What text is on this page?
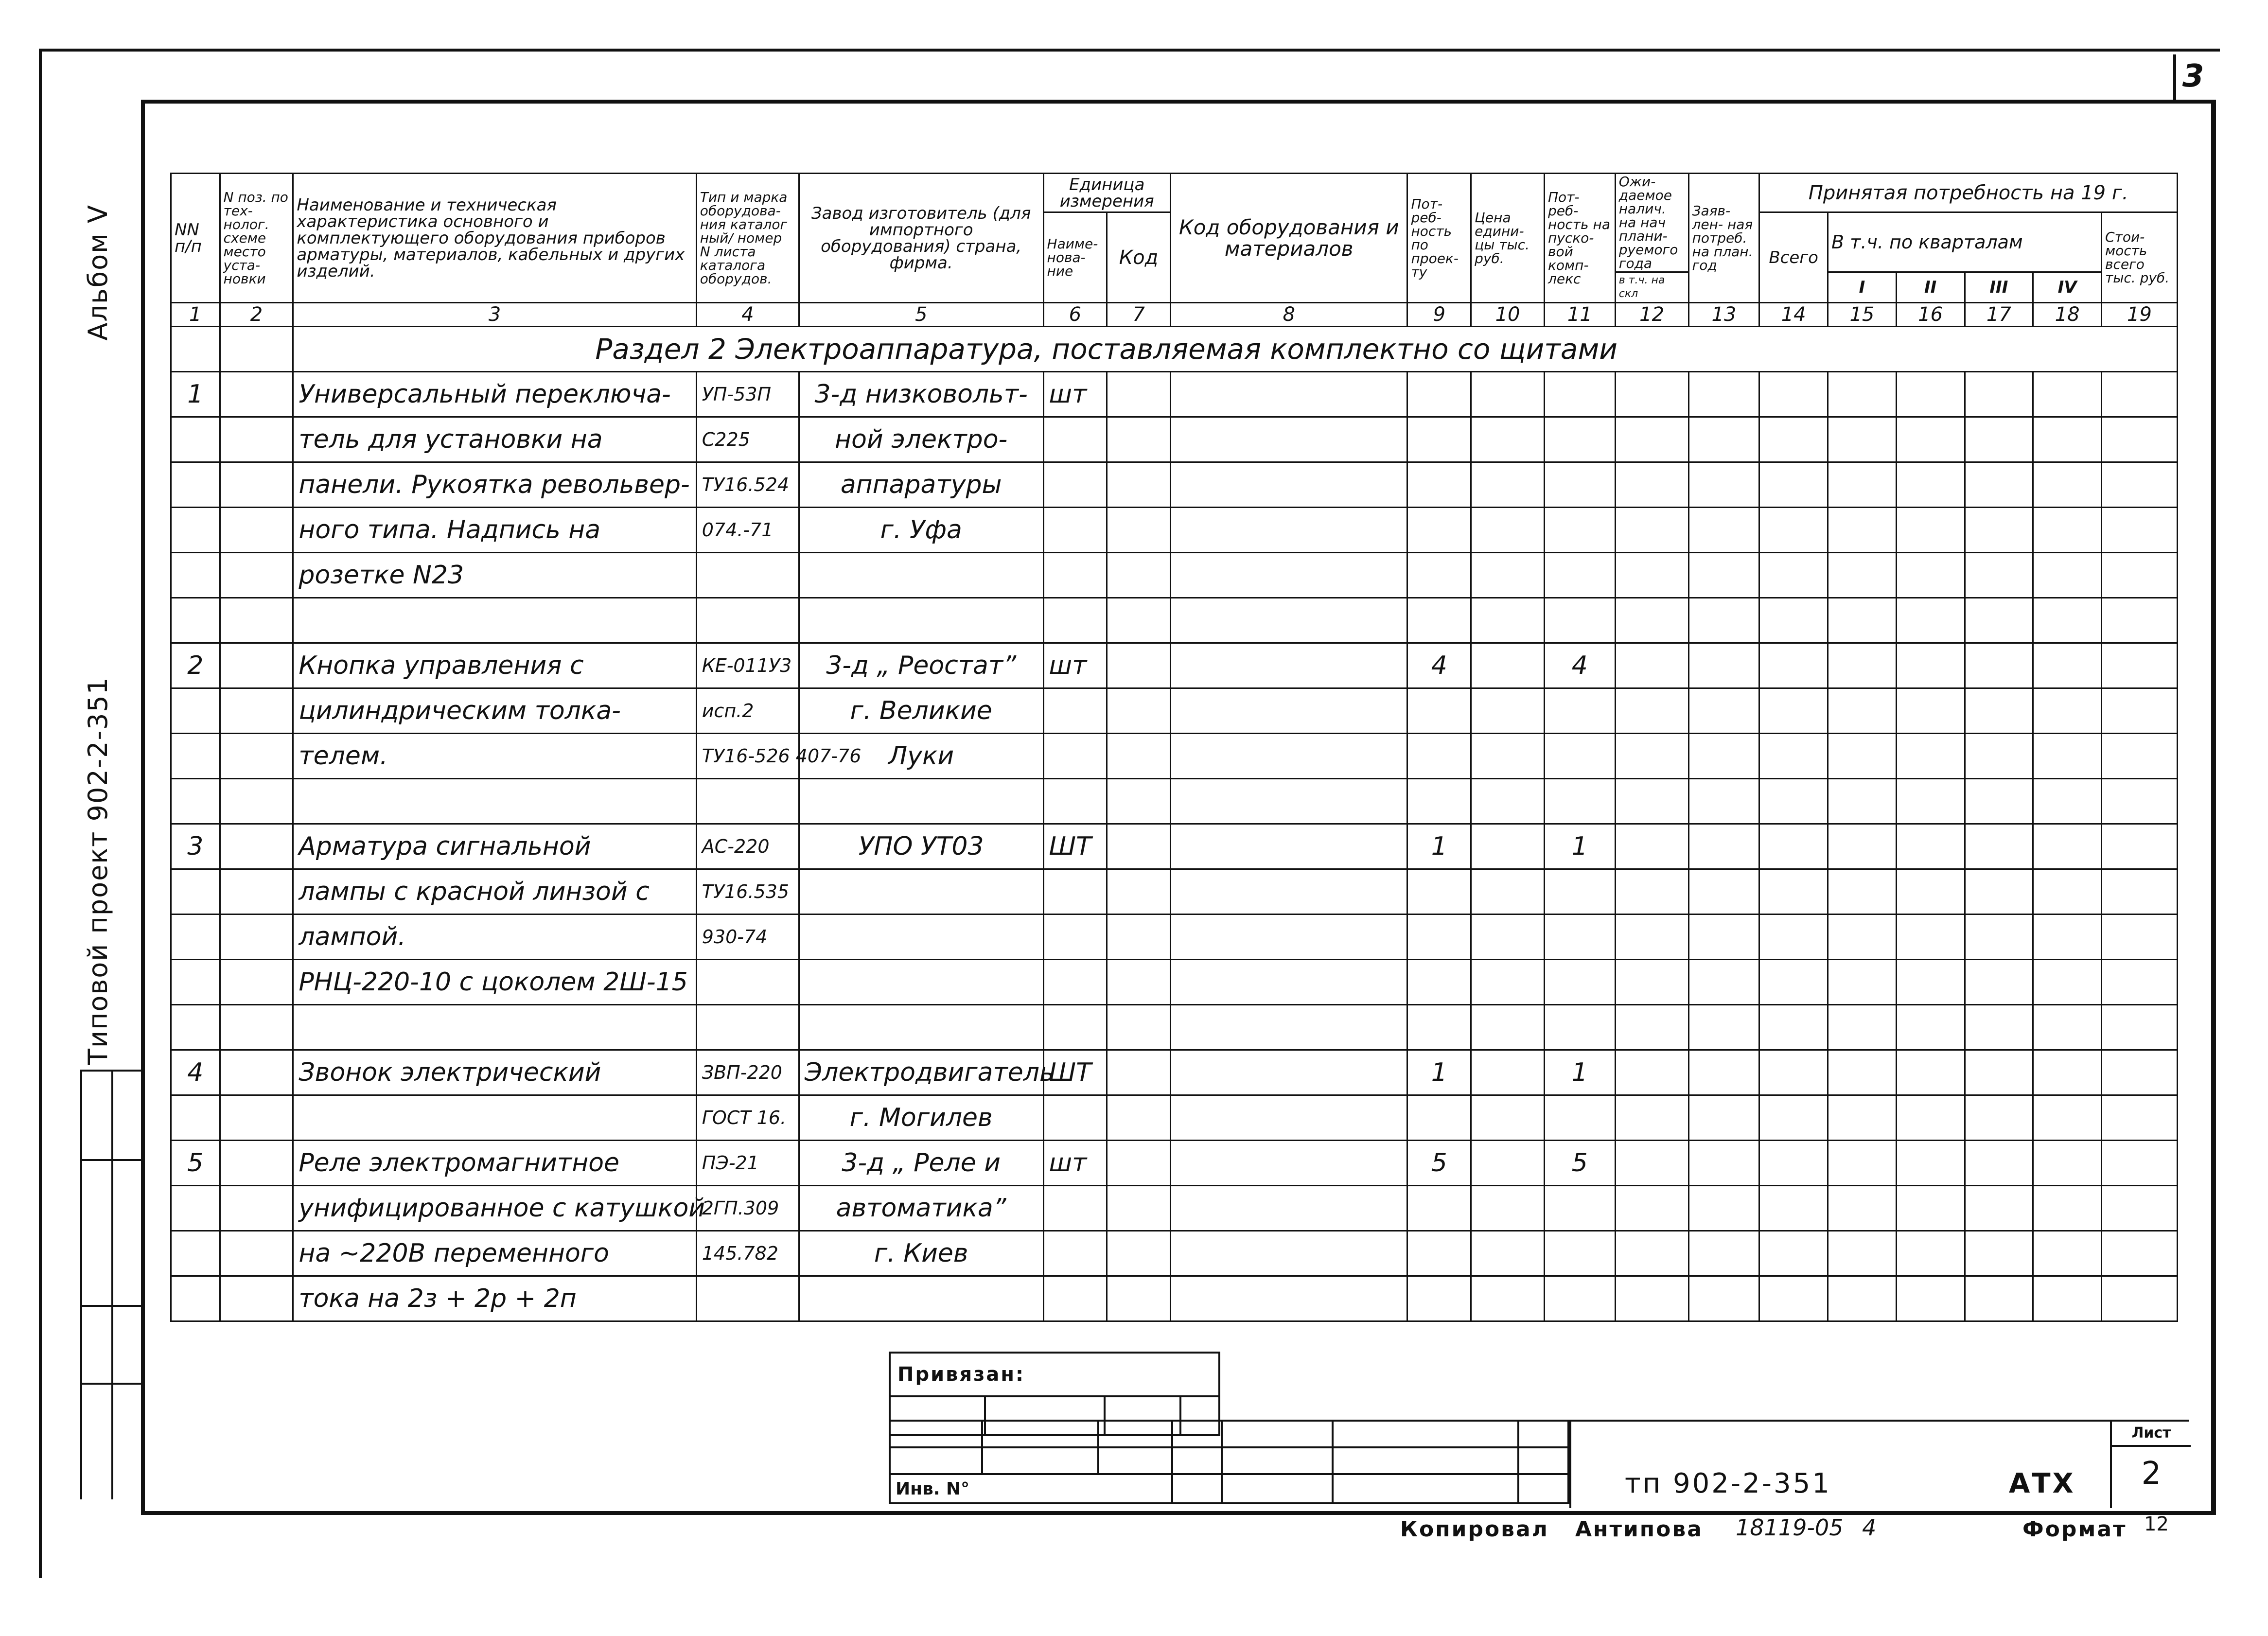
3
Альбом V
Типовой проект 902-2-351
NN п/п	N поз. по тех- нолог. схеме место уста- новки	Наименование и техническая характеристика основного и комплектующего оборудования приборов арматуры, материалов, кабельных и других изделий.	Тип и марка оборудова- ния каталог ный/ номер N листа каталога оборудов.	Завод изготовитель (для импортного оборудования) страна, фирма.	Единица измерения		Код оборудования и материалов	Пот- реб- ность по проек- ту	Цена едини- цы тыс. руб.	Пот- реб- ность на пуско- вой комп- лекс	Ожи- даемое налич. на нач плани- руемого года	Заяв- лен- ная потреб. на план. год	Принятая потребность на 19 г.					
					Наиме- нова- ние	Код							Всего	В т.ч. по кварталам				Стои- мость всего тыс. руб.
											в т.ч. на скл			I	II	III	IV	
1	2	3	4	5	6	7	8	9	10	11	12	13	14	15	16	17	18	19
		Раздел 2 Электроаппаратура, поставляемая комплектно со щитами																
1		Универсальный переключа-	УП-53П	3-д низковольт-	шт													
		тель для установки на	С225	ной электро-														
		панели. Рукоятка револьвер-	ТУ16.524	аппаратуры														
		ного типа. Надпись на	074.-71	г. Уфа														
		розетке N23																

2		Кнопка управления с	КЕ-011У3	3-д „ Реостат”	шт			4		4								
		цилиндрическим толка-	исп.2	г. Великие														
		телем.	ТУ16-526 407-76	Луки														

3		Арматура сигнальной	АС-220	УПО УТ03	ШТ			1		1								
		лампы с красной линзой с	ТУ16.535															
		лампой.	930-74															
		РНЦ-220-10 с цоколем 2Ш-15																

4		Звонок электрический	ЗВП-220	Электродвигатель	ШТ			1		1								
			ГОСТ 16.	г. Могилев														
5		Реле электромагнитное	ПЭ-21	3-д „ Реле и	шт			5		5								
		унифицированное с катушкой	2ГП.309	автоматика”														
		на ~220В переменного	145.782	г. Киев														
		тока на 2з + 2р + 2п																
Привязан:

Инв. N°							тп 902-2-351	АТХ
Лист
2
Копировал Антипова 18119-05 4	Формат 12
